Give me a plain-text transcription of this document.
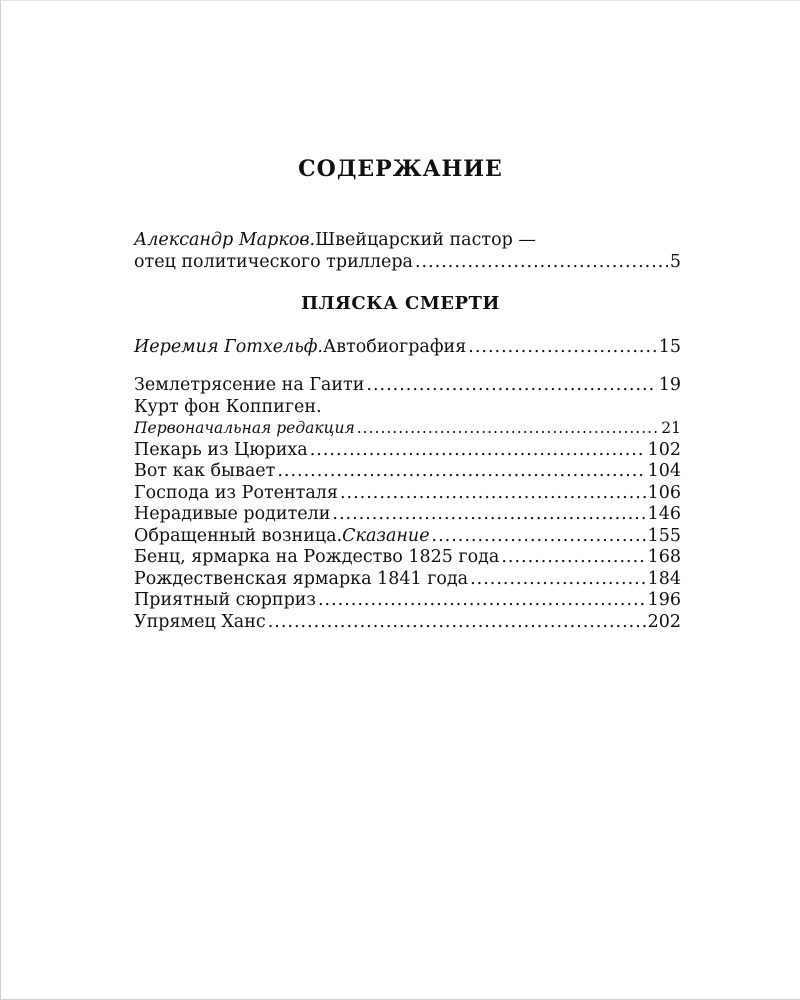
СОДЕРЖАНИЕ
Александр Марков. Швейцарский пастор —
отец политического триллера .....	5
ПЛЯСКА СМЕРТИ
Иеремия Готхельф. Автобиография .....	15
Землетрясение на Гаити .....	19
Курт фон Коппиген.
Первоначальная редакция .....	21
Пекарь из Цюриха .....	102
Вот как бывает .....	104
Господа из Ротенталя .....	106
Нерадивые родители .....	146
Обращенный возница. Сказание .....	155
Бенц, ярмарка на Рождество 1825 года .....	168
Рождественская ярмарка 1841 года .....	184
Приятный сюрприз .....	196
Упрямец Ханс .....	202
